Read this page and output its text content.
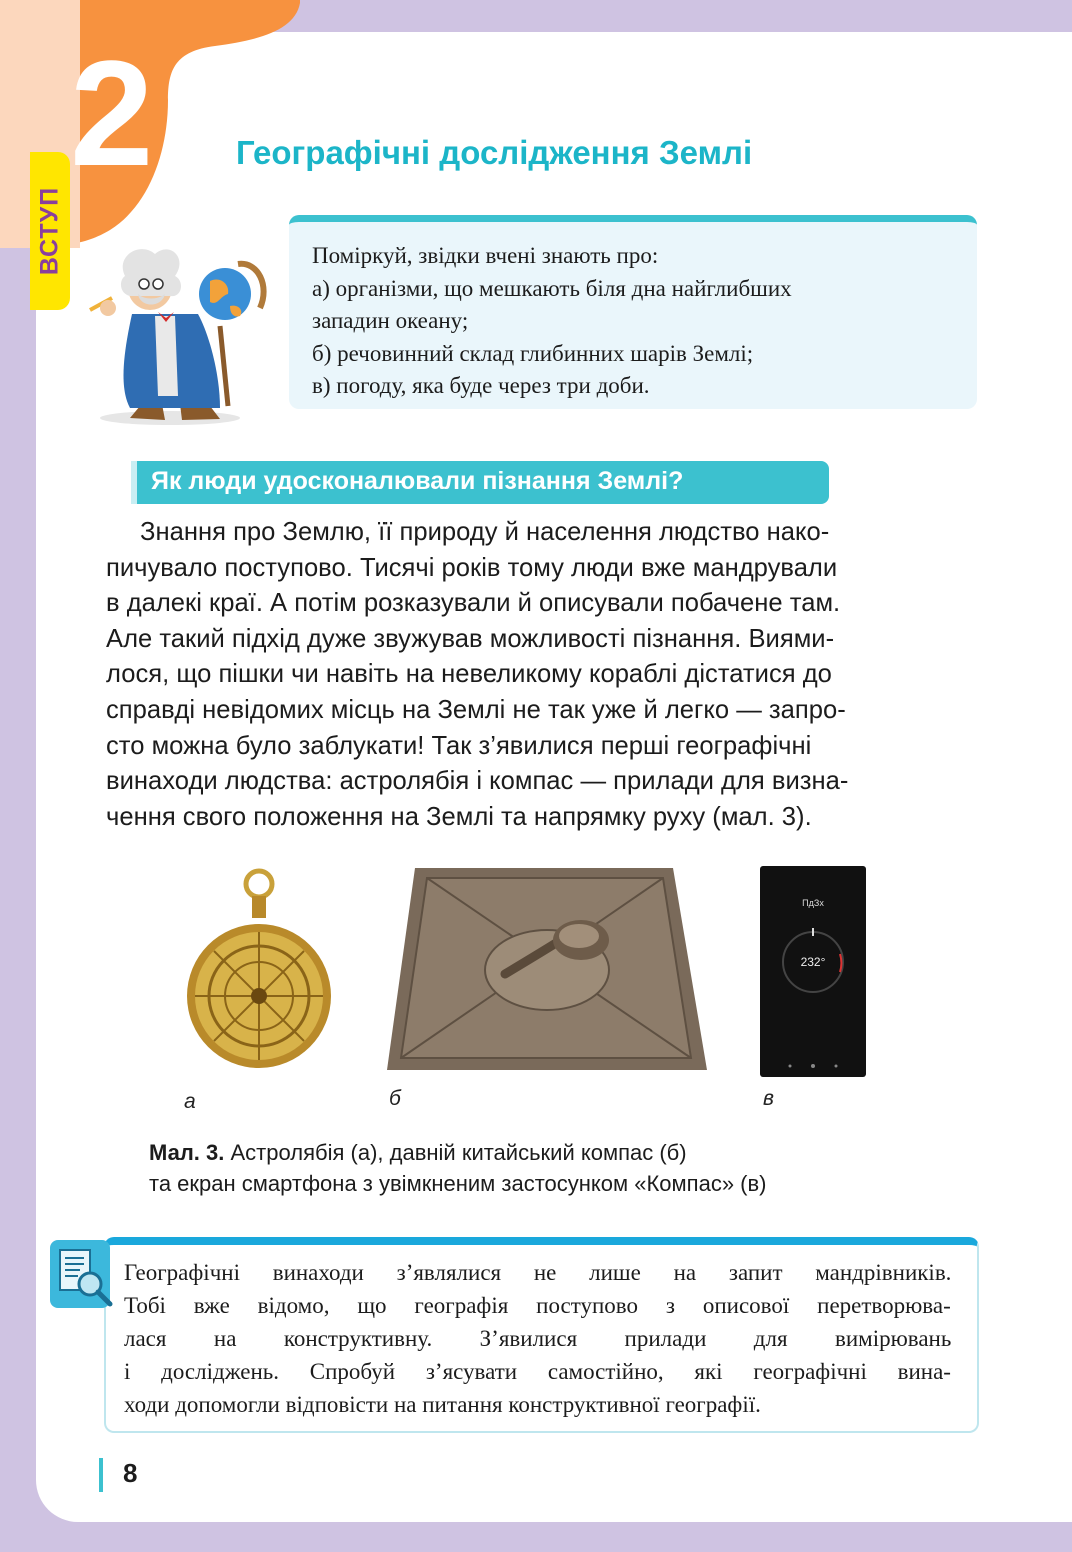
2
ВСТУП
Географічні дослідження Землі
Поміркуй, звідки вчені знають про:
а) організми, що мешкають біля дна найглибших
западин океану;
б) речовинний склад глибинних шарів Землі;
в) погоду, яка буде через три доби.
Як люди удосконалювали пізнання Землі?
Знання про Землю, її природу й населення людство нако-
пичувало поступово. Тисячі років тому люди вже мандрували
в далекі краї. А потім розказували й описували побачене там.
Але такий підхід дуже звужував можливості пізнання. Виями-
лося, що пішки чи навіть на невеликому кораблі дістатися до
справді невідомих місць на Землі не так уже й легко — запро-
сто можна було заблукати! Так з’явилися перші географічні
винаходи людства: астролябія і компас — прилади для визна-
чення свого положення на Землі та напрямку руху (мал. 3).
ПдЗх
232°
а	б	в
Мал. 3. Астролябія (а), давній китайський компас (б)
та екран смартфона з увімкненим застосунком «Компас» (в)
Географічні винаходи з’являлися не лише на запит мандрівників.
Тобі вже відомо, що географія поступово з описової перетворюва-
лася на конструктивну. З’явилися прилади для вимірювань
і досліджень. Спробуй з’ясувати самостійно, які географічні вина-
ходи допомогли відповісти на питання конструктивної географії.
8
